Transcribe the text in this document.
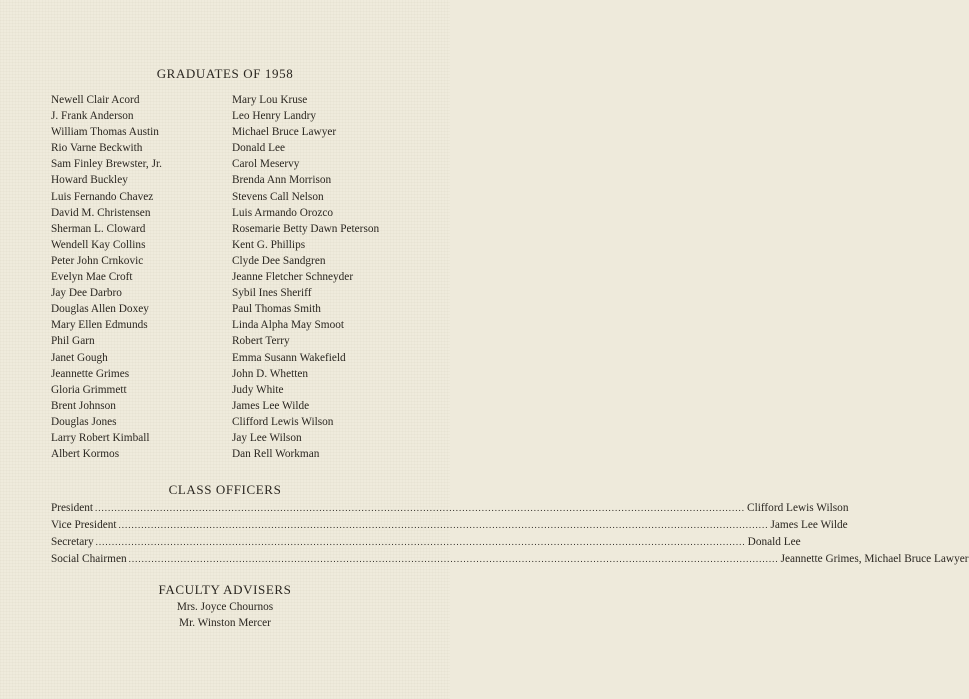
GRADUATES OF 1958
Newell Clair Acord
J. Frank Anderson
William Thomas Austin
Rio Varne Beckwith
Sam Finley Brewster, Jr.
Howard Buckley
Luis Fernando Chavez
David M. Christensen
Sherman L. Cloward
Wendell Kay Collins
Peter John Crnkovic
Evelyn Mae Croft
Jay Dee Darbro
Douglas Allen Doxey
Mary Ellen Edmunds
Phil Garn
Janet Gough
Jeannette Grimes
Gloria Grimmett
Brent Johnson
Douglas Jones
Larry Robert Kimball
Albert Kormos
Mary Lou Kruse
Leo Henry Landry
Michael Bruce Lawyer
Donald Lee
Carol Meservy
Brenda Ann Morrison
Stevens Call Nelson
Luis Armando Orozco
Rosemarie Betty Dawn Peterson
Kent G. Phillips
Clyde Dee Sandgren
Jeanne Fletcher Schneyder
Sybil Ines Sheriff
Paul Thomas Smith
Linda Alpha May Smoot
Robert Terry
Emma Susann Wakefield
John D. Whetten
Judy White
James Lee Wilde
Clifford Lewis Wilson
Jay Lee Wilson
Dan Rell Workman
CLASS OFFICERS
President ........................................................................................................................................................................................................ Clifford Lewis Wilson
Vice President ........................................................................................................................................................................................................ James Lee Wilde
Secretary ........................................................................................................................................................................................................ Donald Lee
Social Chairmen ........................................................................................................................................................................................................ Jeannette Grimes, Michael Bruce Lawyer
FACULTY ADVISERS
Mrs. Joyce Chournos
Mr. Winston Mercer
